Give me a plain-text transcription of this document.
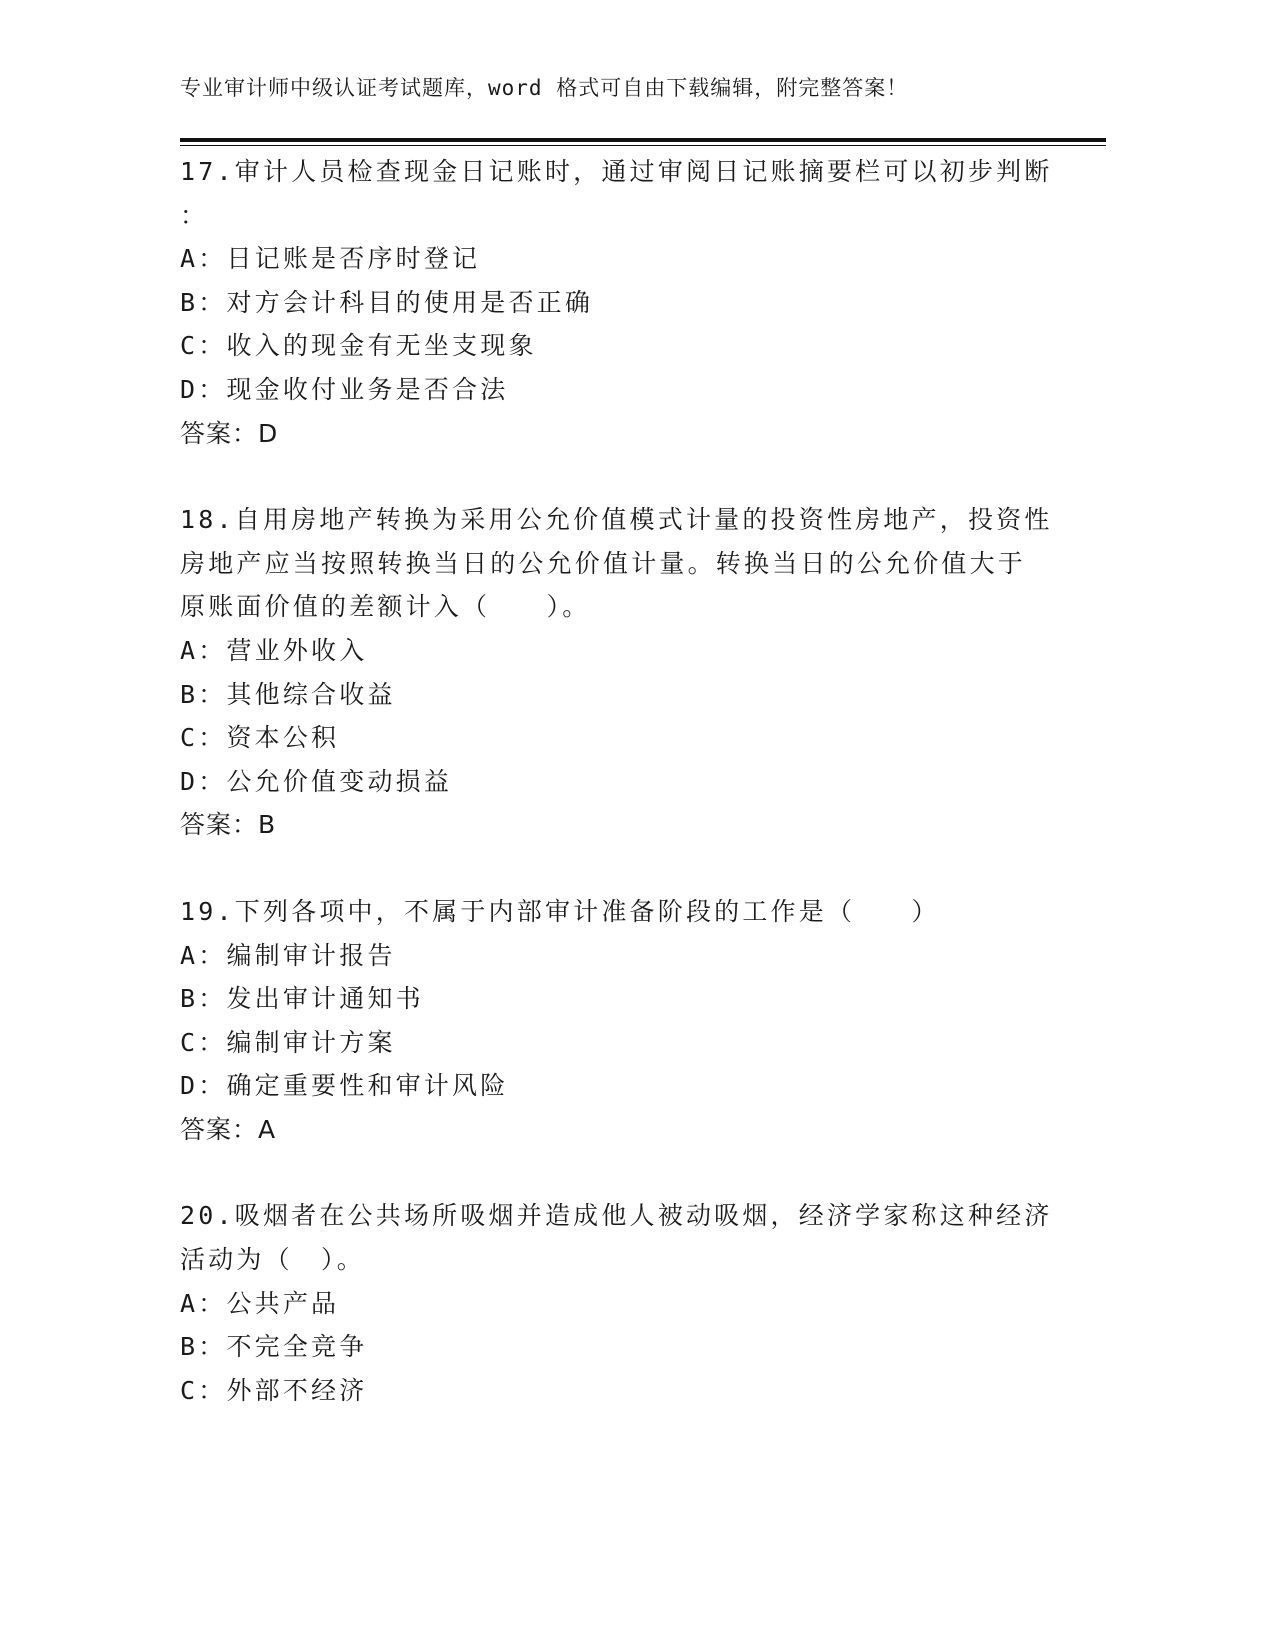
专业审计师中级认证考试题库，word 格式可自由下载编辑，附完整答案！
17.审计人员检查现金日记账时，通过审阅日记账摘要栏可以初步判断
：
A：日记账是否序时登记
B：对方会计科目的使用是否正确
C：收入的现金有无坐支现象
D：现金收付业务是否合法
答案：D
18.自用房地产转换为采用公允价值模式计量的投资性房地产，投资性
房地产应当按照转换当日的公允价值计量。转换当日的公允价值大于
原账面价值的差额计入（　　）。
A：营业外收入
B：其他综合收益
C：资本公积
D：公允价值变动损益
答案：B
19.下列各项中，不属于内部审计准备阶段的工作是（　　）
A：编制审计报告
B：发出审计通知书
C：编制审计方案
D：确定重要性和审计风险
答案：A
20.吸烟者在公共场所吸烟并造成他人被动吸烟，经济学家称这种经济
活动为（　）。
A：公共产品
B：不完全竞争
C：外部不经济
